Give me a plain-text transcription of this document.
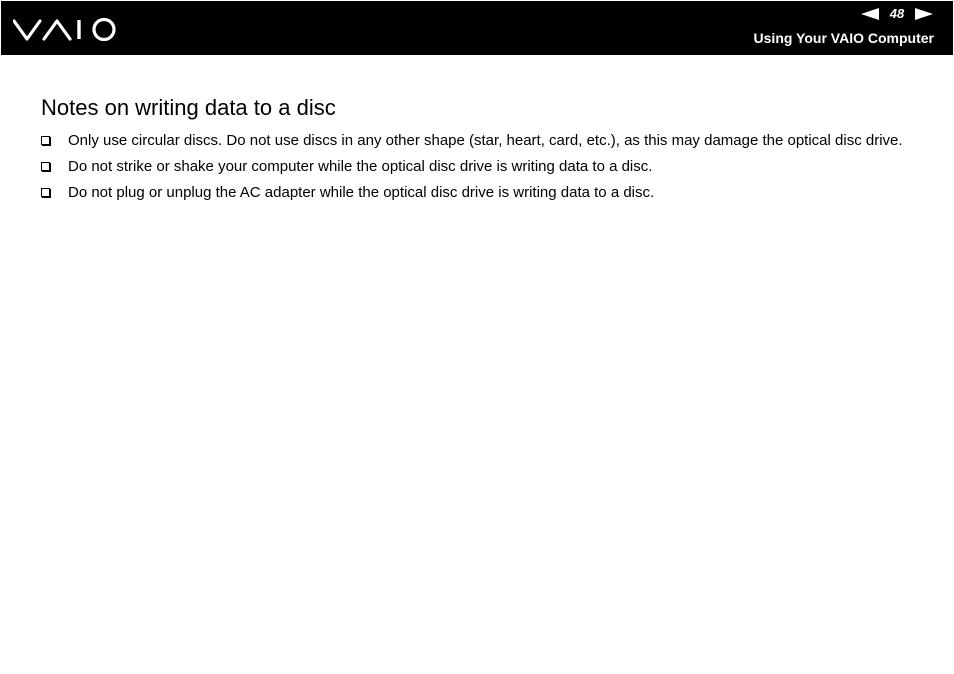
48
Using Your VAIO Computer
Notes on writing data to a disc
Only use circular discs. Do not use discs in any other shape (star, heart, card, etc.), as this may damage the optical disc drive.
Do not strike or shake your computer while the optical disc drive is writing data to a disc.
Do not plug or unplug the AC adapter while the optical disc drive is writing data to a disc.
